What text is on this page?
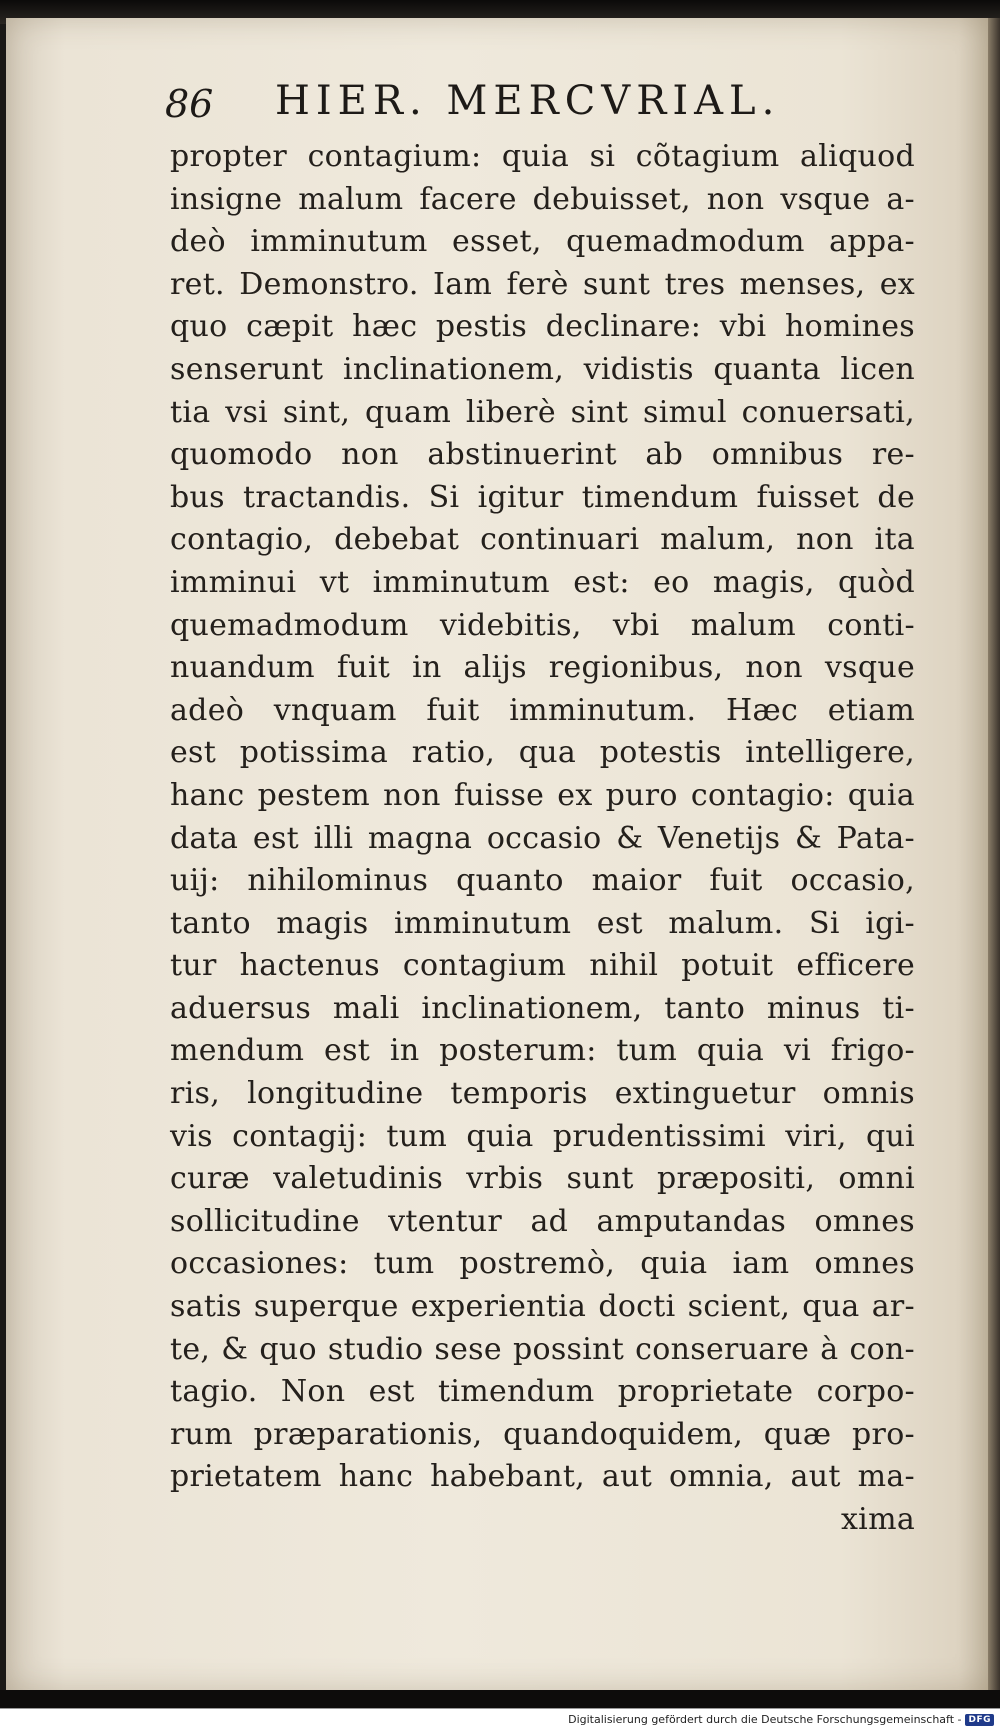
86 HIER. MERCVRIAL.
propter contagium: quia si cõtagium aliquod
insigne malum facere debuisset, non vsque a-
deò imminutum esset, quemadmodum appa-
ret. Demonstro. Iam ferè sunt tres menses, ex
quo cæpit hæc pestis declinare: vbi homines
senserunt inclinationem, vidistis quanta licen
tia vsi sint, quam liberè sint simul conuersati,
quomodo non abstinuerint ab omnibus re-
bus tractandis. Si igitur timendum fuisset de
contagio, debebat continuari malum, non ita
imminui vt imminutum est: eo magis, quòd
quemadmodum videbitis, vbi malum conti-
nuandum fuit in alijs regionibus, non vsque
adeò vnquam fuit imminutum. Hæc etiam
est potissima ratio, qua potestis intelligere,
hanc pestem non fuisse ex puro contagio: quia
data est illi magna occasio & Venetijs & Pata-
uij: nihilominus quanto maior fuit occasio,
tanto magis imminutum est malum. Si igi-
tur hactenus contagium nihil potuit efficere
aduersus mali inclinationem, tanto minus ti-
mendum est in posterum: tum quia vi frigo-
ris, longitudine temporis extinguetur omnis
vis contagij: tum quia prudentissimi viri, qui
curæ valetudinis vrbis sunt præpositi, omni
sollicitudine vtentur ad amputandas omnes
occasiones: tum postremò, quia iam omnes
satis superque experientia docti scient, qua ar-
te, & quo studio sese possint conseruare à con-
tagio. Non est timendum proprietate corpo-
rum præparationis, quandoquidem, quæ pro-
prietatem hanc habebant, aut omnia, aut ma-
xima
Digitalisierung gefördert durch die Deutsche Forschungsgemeinschaft - DFG
